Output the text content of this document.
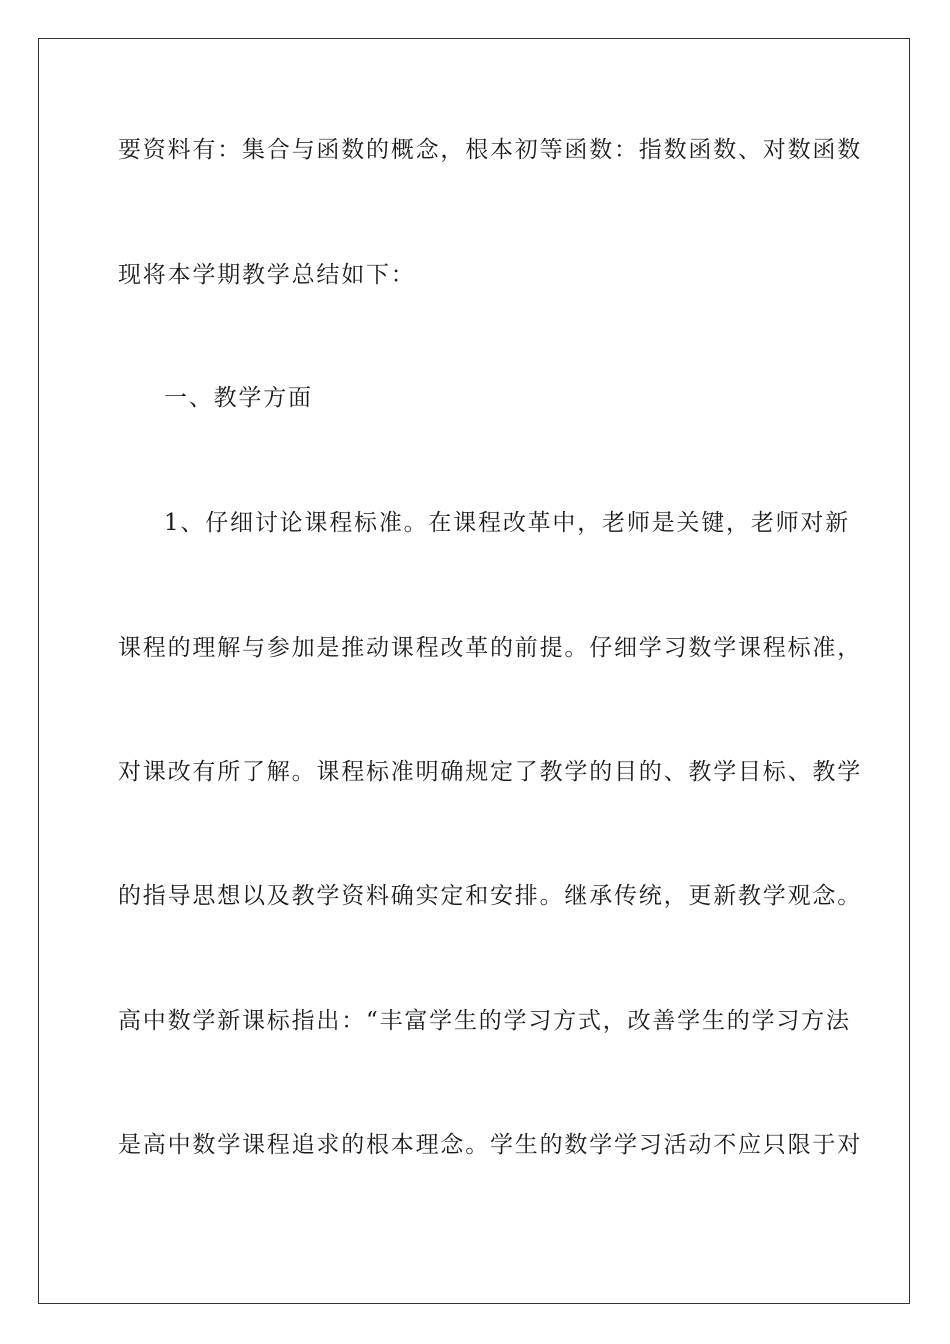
要资料有：集合与函数的概念，根本初等函数：指数函数、对数函数
现将本学期教学总结如下：
一、教学方面
1、仔细讨论课程标准。在课程改革中，老师是关键，老师对新
课程的理解与参加是推动课程改革的前提。仔细学习数学课程标准，
对课改有所了解。课程标准明确规定了教学的目的、教学目标、教学
的指导思想以及教学资料确实定和安排。继承传统，更新教学观念。
高中数学新课标指出：“丰富学生的学习方式，改善学生的学习方法
是高中数学课程追求的根本理念。学生的数学学习活动不应只限于对
